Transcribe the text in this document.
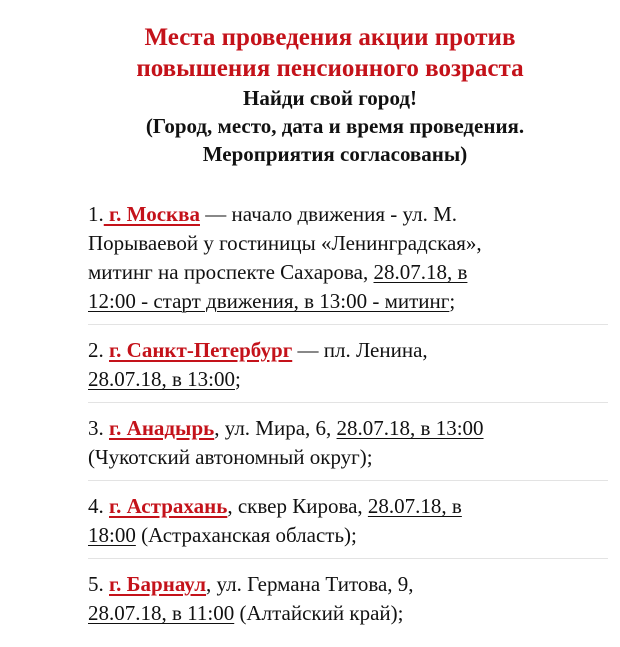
Места проведения акции против
повышения пенсионного возраста
Найди свой город!
(Город, место, дата и время проведения.
Мероприятия согласованы)
1. г. Москва — начало движения - ул. М.
Порываевой у гостиницы «Ленинградская»,
митинг на проспекте Сахарова, 28.07.18, в
12:00 - старт движения, в 13:00 - митинг;
2. г. Санкт-Петербург — пл. Ленина,
28.07.18, в 13:00;
3. г. Анадырь, ул. Мира, 6, 28.07.18, в 13:00
(Чукотский автономный округ);
4. г. Астрахань, сквер Кирова, 28.07.18, в
18:00 (Астраханская область);
5. г. Барнаул, ул. Германа Титова, 9,
28.07.18, в 11:00 (Алтайский край);
